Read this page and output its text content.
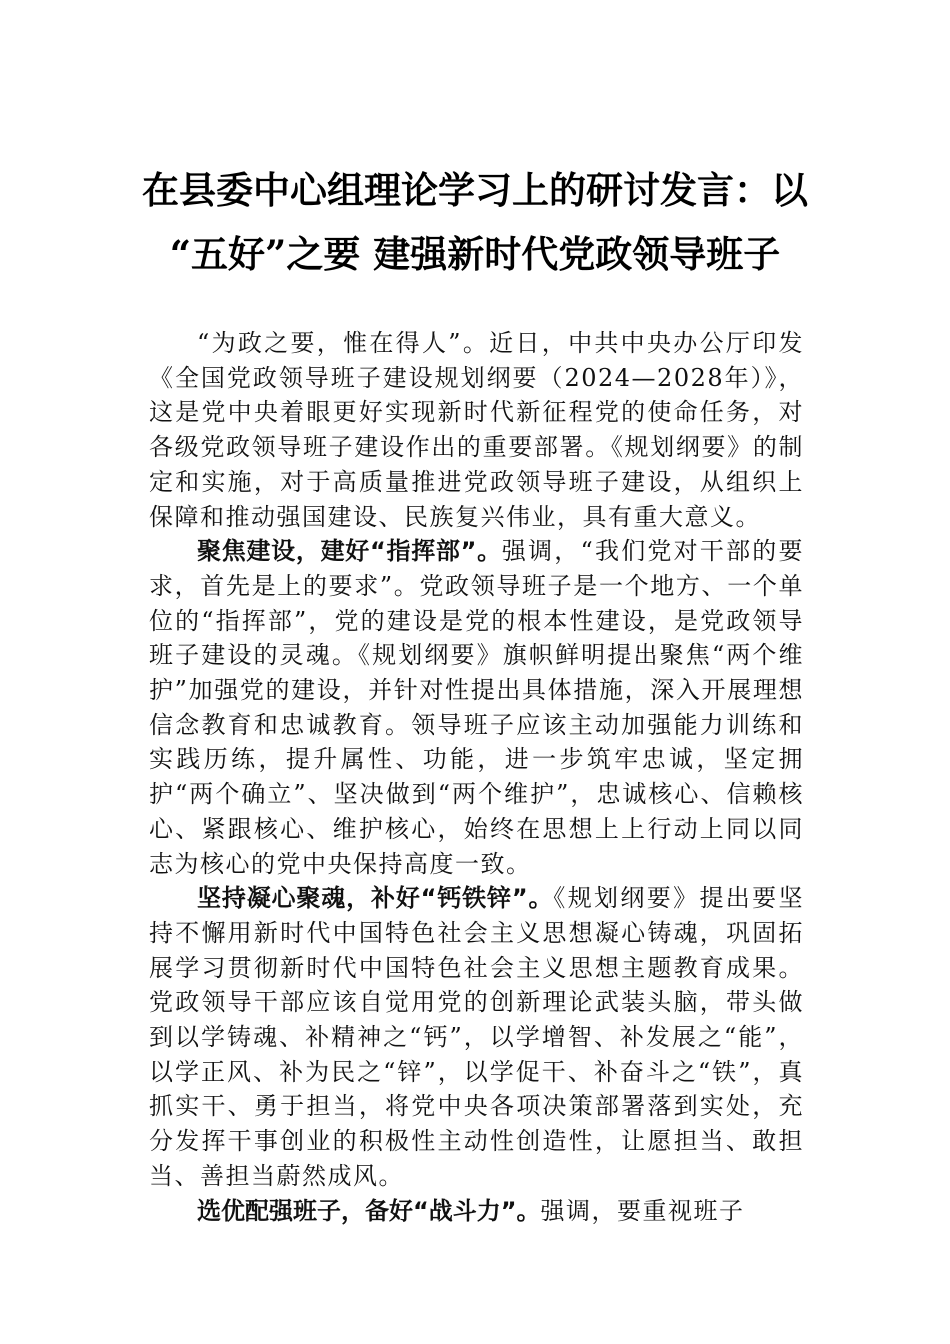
在县委中心组理论学习上的研讨发言：以
“五好”之要 建强新时代党政领导班子

“为政之要，惟在得人”。近日，中共中央办公厅印发《全国党政领导班子建设规划纲要（2024—2028年）》，这是党中央着眼更好实现新时代新征程党的使命任务，对各级党政领导班子建设作出的重要部署。《规划纲要》的制定和实施，对于高质量推进党政领导班子建设，从组织上保障和推动强国建设、民族复兴伟业，具有重大意义。

聚焦建设，建好“指挥部”。强调，“我们党对干部的要求，首先是上的要求”。党政领导班子是一个地方、一个单位的“指挥部”，党的建设是党的根本性建设，是党政领导班子建设的灵魂。《规划纲要》旗帜鲜明提出聚焦“两个维护”加强党的建设，并针对性提出具体措施，深入开展理想信念教育和忠诚教育。领导班子应该主动加强能力训练和实践历练，提升属性、功能，进一步筑牢忠诚，坚定拥护“两个确立”、坚决做到“两个维护”，忠诚核心、信赖核心、紧跟核心、维护核心，始终在思想上上行动上同以同志为核心的党中央保持高度一致。

坚持凝心聚魂，补好“钙铁锌”。《规划纲要》提出要坚持不懈用新时代中国特色社会主义思想凝心铸魂，巩固拓展学习贯彻新时代中国特色社会主义思想主题教育成果。党政领导干部应该自觉用党的创新理论武装头脑，带头做到以学铸魂、补精神之“钙”，以学增智、补发展之“能”，以学正风、补为民之“锌”，以学促干、补奋斗之“铁”，真抓实干、勇于担当，将党中央各项决策部署落到实处，充分发挥干事创业的积极性主动性创造性，让愿担当、敢担当、善担当蔚然成风。

选优配强班子，备好“战斗力”。强调，要重视班子
